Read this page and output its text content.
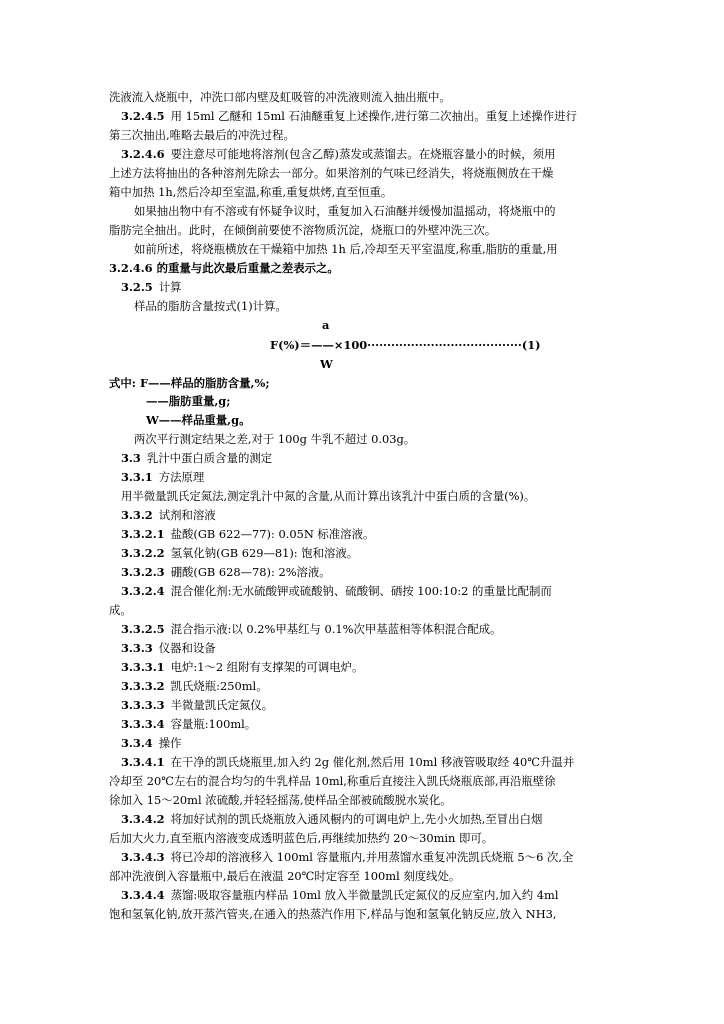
洗液流入烧瓶中，冲洗口部内壁及虹吸管的冲洗液则流入抽出瓶中。
3.2.4.5 用 15ml 乙醚和 15ml 石油醚重复上述操作,进行第二次抽出。重复上述操作进行
第三次抽出,唯略去最后的冲洗过程。
3.2.4.6 要注意尽可能地将溶剂(包含乙醇)蒸发或蒸馏去。在烧瓶容量小的时候，须用
上述方法将抽出的各种溶剂先除去一部分。如果溶剂的气味已经消失，将烧瓶侧放在干燥
箱中加热 1h,然后冷却至室温,称重,重复烘烤,直至恒重。
如果抽出物中有不溶或有怀疑争议时，重复加入石油醚并缓慢加温摇动，将烧瓶中的
脂肪完全抽出。此时，在倾倒前要使不溶物质沉淀，烧瓶口的外壁冲洗三次。
如前所述，将烧瓶横放在干燥箱中加热 1h 后,冷却至天平室温度,称重,脂肪的重量,用
3.2.4.6 的重量与此次最后重量之差表示之。
3.2.5 计算
样品的脂肪含量按式(1)计算。
a
F(%)＝——×100·······································(1)
W
式中: F——样品的脂肪含量,%;
——脂肪重量,g;
W——样品重量,g。
两次平行测定结果之差,对于 100g 牛乳不超过 0.03g。
3.3 乳汁中蛋白质含量的测定
3.3.1 方法原理
用半微量凯氏定氮法,测定乳汁中氮的含量,从而计算出该乳汁中蛋白质的含量(%)。
3.3.2 试剂和溶液
3.3.2.1 盐酸(GB 622—77): 0.05N 标准溶液。
3.3.2.2 氢氧化钠(GB 629—81): 饱和溶液。
3.3.2.3 硼酸(GB 628—78): 2%溶液。
3.3.2.4 混合催化剂:无水硫酸钾或硫酸钠、硫酸铜、硒按 100:10:2 的重量比配制而
成。
3.3.2.5 混合指示液:以 0.2%甲基红与 0.1%次甲基蓝相等体积混合配成。
3.3.3 仪器和设备
3.3.3.1 电炉:1～2 组附有支撑架的可调电炉。
3.3.3.2 凯氏烧瓶:250ml。
3.3.3.3 半微量凯氏定氮仪。
3.3.3.4 容量瓶:100ml。
3.3.4 操作
3.3.4.1 在干净的凯氏烧瓶里,加入约 2g 催化剂,然后用 10ml 移液管吸取经 40℃升温并
冷却至 20℃左右的混合均匀的牛乳样品 10ml,称重后直接注入凯氏烧瓶底部,再沿瓶壁徐
徐加入 15～20ml 浓硫酸,并轻轻摇荡,使样品全部被硫酸脱水炭化。
3.3.4.2 将加好试剂的凯氏烧瓶放入通风橱内的可调电炉上,先小火加热,至冒出白烟
后加大火力,直至瓶内溶液变成透明蓝色后,再继续加热约 20～30min 即可。
3.3.4.3 将已冷却的溶液移入 100ml 容量瓶内,并用蒸馏水重复冲洗凯氏烧瓶 5～6 次,全
部冲洗液倒入容量瓶中,最后在液温 20℃时定容至 100ml 刻度线处。
3.3.4.4 蒸馏:吸取容量瓶内样品 10ml 放入半微量凯氏定氮仪的反应室内,加入约 4ml
饱和氢氧化钠,放开蒸汽管夹,在通入的热蒸汽作用下,样品与饱和氢氧化钠反应,放入 NH3,
